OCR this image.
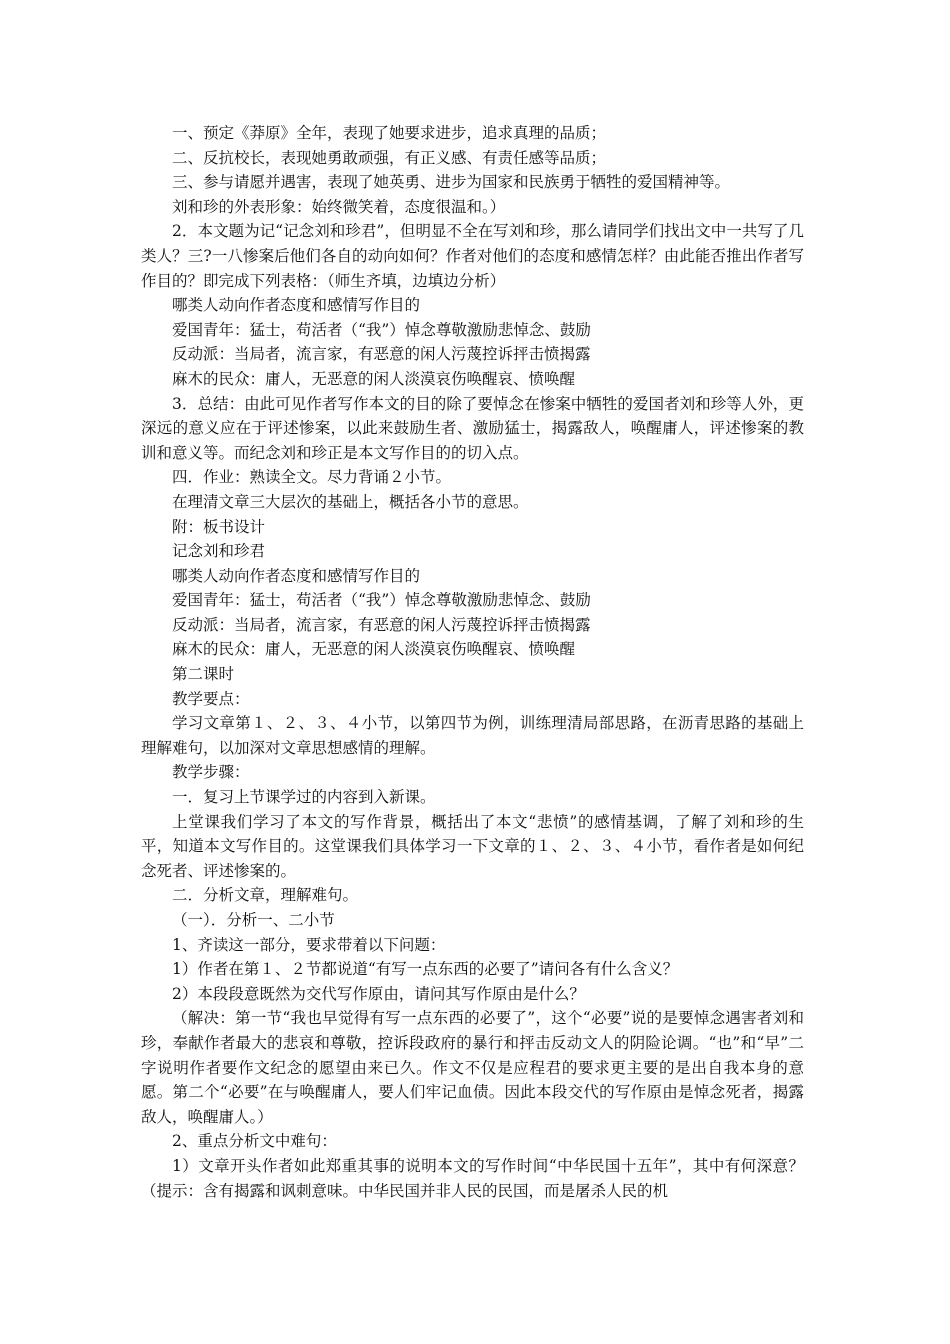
一、预定《莽原》全年，表现了她要求进步，追求真理的品质；

二、反抗校长，表现她勇敢顽强，有正义感、有责任感等品质；

三、参与请愿并遇害，表现了她英勇、进步为国家和民族勇于牺牲的爱国精神等。

刘和珍的外表形象：始终微笑着，态度很温和。）

2．本文题为记“记念刘和珍君”，但明显不全在写刘和珍，那么请同学们找出文中一共写了几类人？三?一八惨案后他们各自的动向如何？作者对他们的态度和感情怎样？由此能否推出作者写作目的？即完成下列表格：（师生齐填，边填边分析）

哪类人动向作者态度和感情写作目的

爱国青年：猛士，苟活者（“我”）悼念尊敬激励悲悼念、鼓励

反动派：当局者，流言家，有恶意的闲人污蔑控诉抨击愤揭露

麻木的民众：庸人，无恶意的闲人淡漠哀伤唤醒哀、愤唤醒

3．总结：由此可见作者写作本文的目的除了要悼念在惨案中牺牲的爱国者刘和珍等人外，更深远的意义应在于评述惨案，以此来鼓励生者、激励猛士，揭露敌人，唤醒庸人，评述惨案的教训和意义等。而纪念刘和珍正是本文写作目的的切入点。

四．作业：熟读全文。尽力背诵２小节。

在理清文章三大层次的基础上，概括各小节的意思。

附：板书设计

记念刘和珍君

哪类人动向作者态度和感情写作目的

爱国青年：猛士，苟活者（“我”）悼念尊敬激励悲悼念、鼓励

反动派：当局者，流言家，有恶意的闲人污蔑控诉抨击愤揭露

麻木的民众：庸人，无恶意的闲人淡漠哀伤唤醒哀、愤唤醒

第二课时

教学要点：

学习文章第１、２、３、４小节，以第四节为例，训练理清局部思路，在沥青思路的基础上理解难句，以加深对文章思想感情的理解。

教学步骤：

一．复习上节课学过的内容到入新课。

上堂课我们学习了本文的写作背景，概括出了本文“悲愤”的感情基调，了解了刘和珍的生平，知道本文写作目的。这堂课我们具体学习一下文章的１、２、３、４小节，看作者是如何纪念死者、评述惨案的。

二．分析文章，理解难句。

（一）．分析一、二小节

1、齐读这一部分，要求带着以下问题：

1）作者在第１、２节都说道“有写一点东西的必要了”请问各有什么含义？

2）本段段意既然为交代写作原由，请问其写作原由是什么？

（解决：第一节“我也早觉得有写一点东西的必要了”，这个“必要”说的是要悼念遇害者刘和珍，奉献作者最大的悲哀和尊敬，控诉段政府的暴行和抨击反动文人的阴险论调。“也”和“早”二字说明作者要作文纪念的愿望由来已久。作文不仅是应程君的要求更主要的是出自我本身的意愿。第二个“必要”在与唤醒庸人，要人们牢记血债。因此本段交代的写作原由是悼念死者，揭露敌人，唤醒庸人。）

2、重点分析文中难句：

1）文章开头作者如此郑重其事的说明本文的写作时间“中华民国十五年”，其中有何深意？（提示：含有揭露和讽刺意味。中华民国并非人民的民国，而是屠杀人民的机
